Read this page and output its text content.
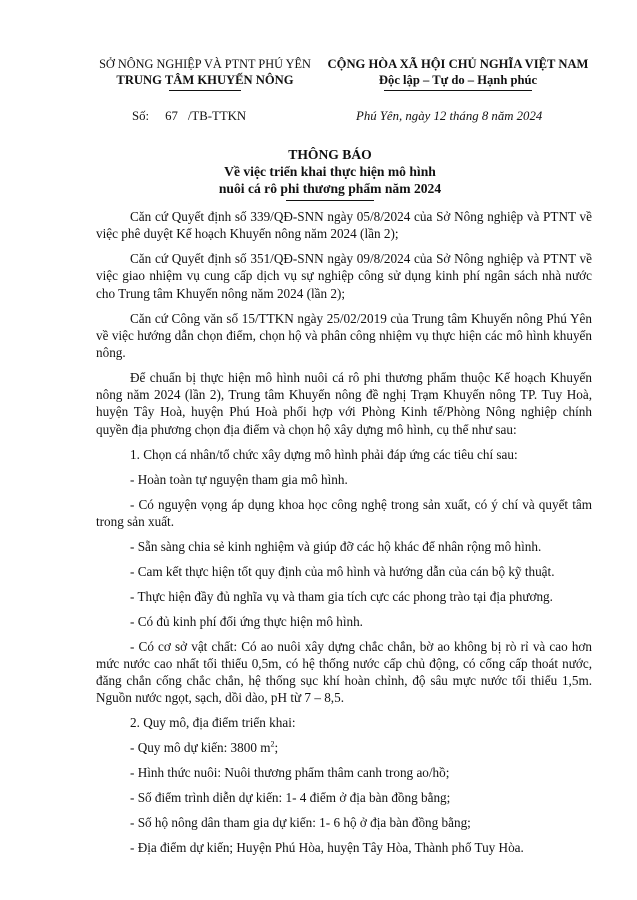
SỞ NÔNG NGHIỆP VÀ PTNT PHÚ YÊN
TRUNG TÂM KHUYẾN NÔNG
CỘNG HÒA XÃ HỘI CHỦ NGHĨA VIỆT NAM
Độc lập – Tự do – Hạnh phúc
Số: 67 /TB-TTKN	Phú Yên, ngày 12 tháng 8 năm 2024
THÔNG BÁO
Về việc triển khai thực hiện mô hình
nuôi cá rô phi thương phẩm năm 2024

Căn cứ Quyết định số 339/QĐ-SNN ngày 05/8/2024 của Sở Nông nghiệp và PTNT về việc phê duyệt Kế hoạch Khuyến nông năm 2024 (lần 2);

Căn cứ Quyết định số 351/QĐ-SNN ngày 09/8/2024 của Sở Nông nghiệp và PTNT về việc giao nhiệm vụ cung cấp dịch vụ sự nghiệp công sử dụng kinh phí ngân sách nhà nước cho Trung tâm Khuyến nông năm 2024 (lần 2);

Căn cứ Công văn số 15/TTKN ngày 25/02/2019 của Trung tâm Khuyến nông Phú Yên về việc hướng dẫn chọn điểm, chọn hộ và phân công nhiệm vụ thực hiện các mô hình khuyến nông.

Để chuẩn bị thực hiện mô hình nuôi cá rô phi thương phẩm thuộc Kế hoạch Khuyến nông năm 2024 (lần 2), Trung tâm Khuyến nông đề nghị Trạm Khuyến nông TP. Tuy Hoà, huyện Tây Hoà, huyện Phú Hoà phối hợp với Phòng Kinh tế/Phòng Nông nghiệp chính quyền địa phương chọn địa điểm và chọn hộ xây dựng mô hình, cụ thể như sau:

1. Chọn cá nhân/tổ chức xây dựng mô hình phải đáp ứng các tiêu chí sau:

- Hoàn toàn tự nguyện tham gia mô hình.

- Có nguyện vọng áp dụng khoa học công nghệ trong sản xuất, có ý chí và quyết tâm trong sản xuất.

- Sẵn sàng chia sẻ kinh nghiệm và giúp đỡ các hộ khác để nhân rộng mô hình.

- Cam kết thực hiện tốt quy định của mô hình và hướng dẫn của cán bộ kỹ thuật.

- Thực hiện đầy đủ nghĩa vụ và tham gia tích cực các phong trào tại địa phương.

- Có đủ kinh phí đối ứng thực hiện mô hình.

- Có cơ sở vật chất: Có ao nuôi xây dựng chắc chắn, bờ ao không bị rò rỉ và cao hơn mức nước cao nhất tối thiểu 0,5m, có hệ thống nước cấp chủ động, có cống cấp thoát nước, đăng chắn cống chắc chắn, hệ thống sục khí hoàn chỉnh, độ sâu mực nước tối thiểu 1,5m. Nguồn nước ngọt, sạch, dồi dào, pH từ 7 – 8,5.

2. Quy mô, địa điểm triển khai:

- Quy mô dự kiến: 3800 $m^2$;

- Hình thức nuôi: Nuôi thương phẩm thâm canh trong ao/hồ;

- Số điểm trình diễn dự kiến: 1- 4 điểm ở địa bàn đồng bằng;

- Số hộ nông dân tham gia dự kiến: 1- 6 hộ ở địa bàn đồng bằng;

- Địa điểm dự kiến; Huyện Phú Hòa, huyện Tây Hòa, Thành phố Tuy Hòa.
